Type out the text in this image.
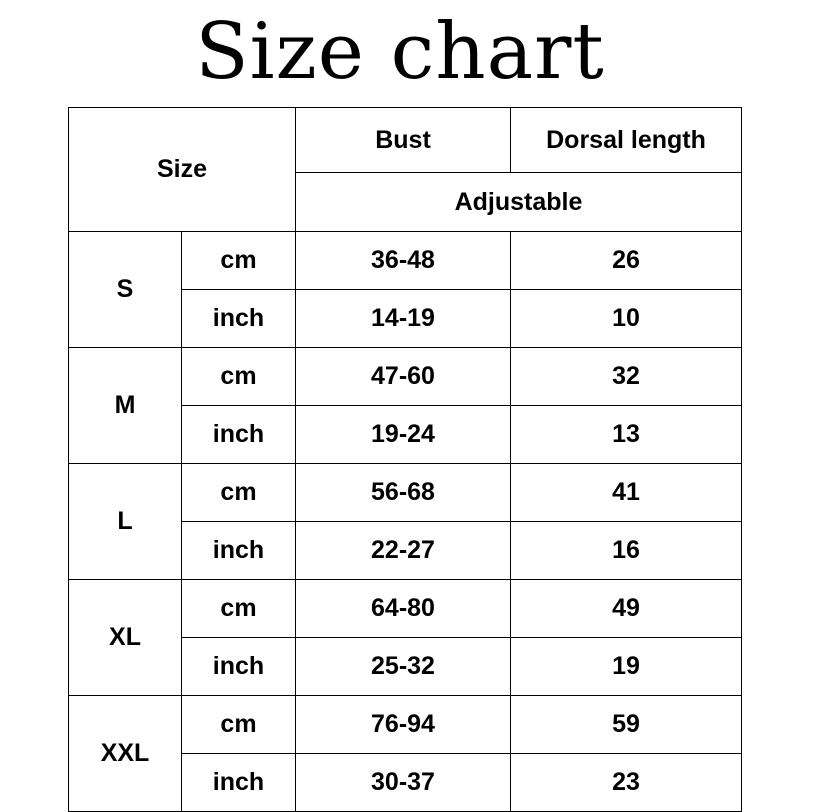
Size chart
Size		Bust	Dorsal length
		Adjustable	
S	cm	36-48	26
	inch	14-19	10
M	cm	47-60	32
	inch	19-24	13
L	cm	56-68	41
	inch	22-27	16
XL	cm	64-80	49
	inch	25-32	19
XXL	cm	76-94	59
	inch	30-37	23
